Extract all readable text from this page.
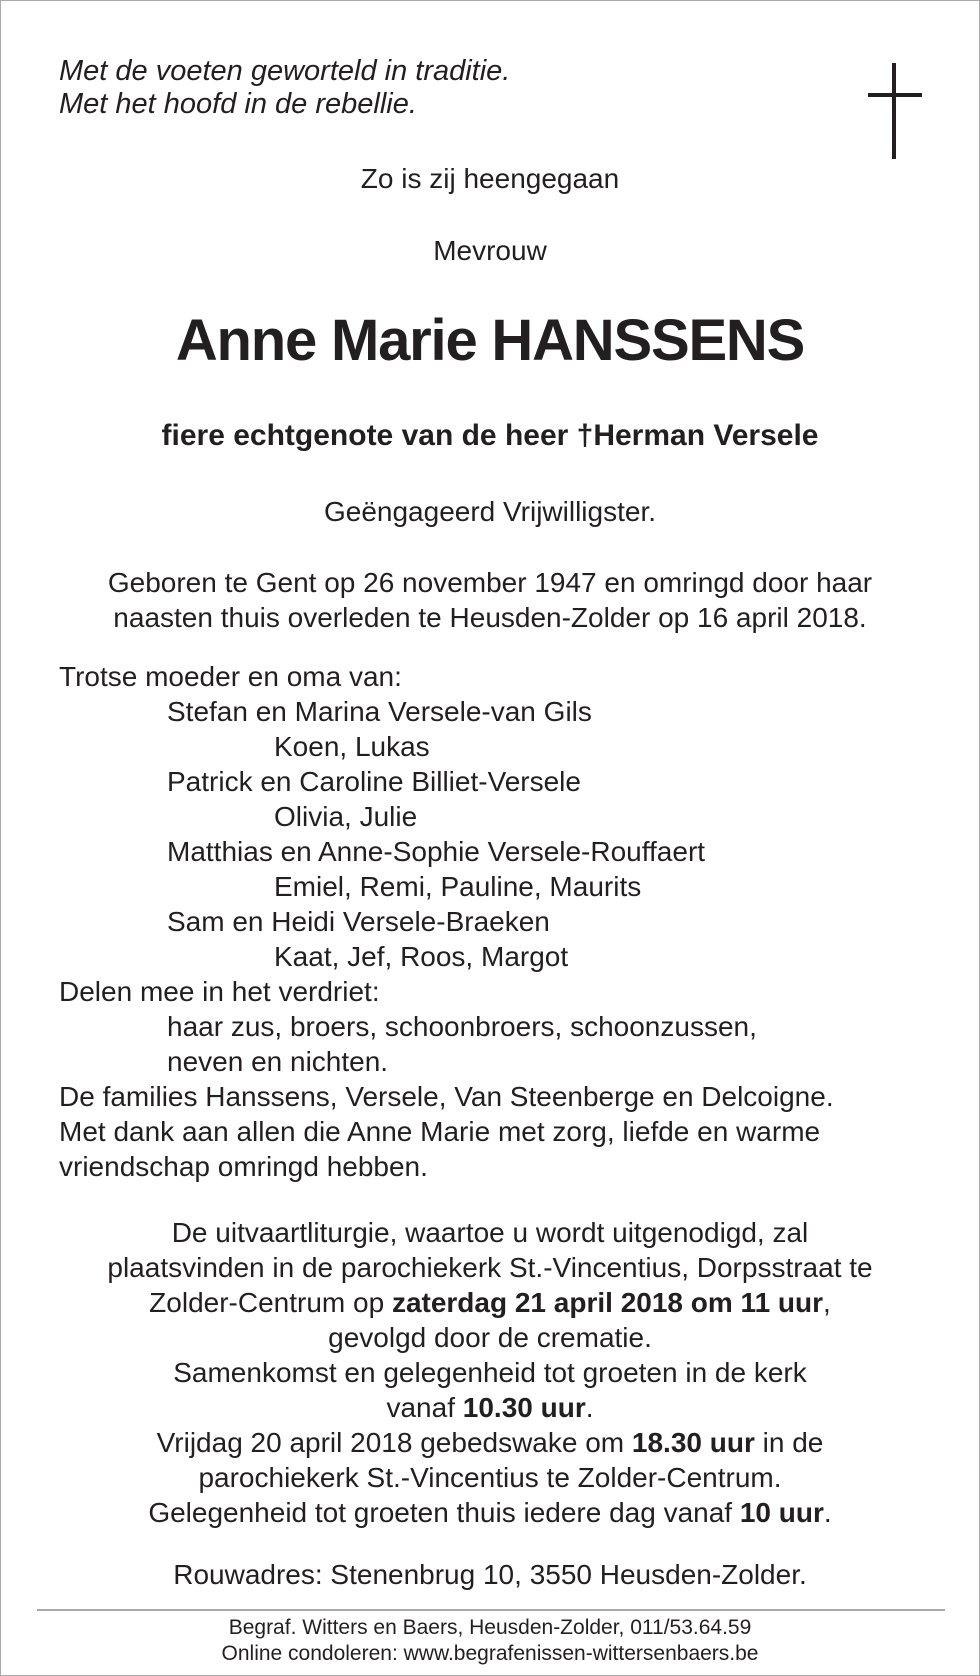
Met de voeten geworteld in traditie.
Met het hoofd in de rebellie.
Zo is zij heengegaan
Mevrouw
Anne Marie HANSSENS
fiere echtgenote van de heer †Herman Versele
Geëngageerd Vrijwilligster.
Geboren te Gent op 26 november 1947 en omringd door haar
naasten thuis overleden te Heusden-Zolder op 16 april 2018.
Trotse moeder en oma van:
Stefan en Marina Versele-van Gils
Koen, Lukas
Patrick en Caroline Billiet-Versele
Olivia, Julie
Matthias en Anne-Sophie Versele-Rouffaert
Emiel, Remi, Pauline, Maurits
Sam en Heidi Versele-Braeken
Kaat, Jef, Roos, Margot
Delen mee in het verdriet:
haar zus, broers, schoonbroers, schoonzussen,
neven en nichten.
De families Hanssens, Versele, Van Steenberge en Delcoigne.
Met dank aan allen die Anne Marie met zorg, liefde en warme
vriendschap omringd hebben.
De uitvaartliturgie, waartoe u wordt uitgenodigd, zal
plaatsvinden in de parochiekerk St.-Vincentius, Dorpsstraat te
Zolder-Centrum op zaterdag 21 april 2018 om 11 uur,
gevolgd door de crematie.
Samenkomst en gelegenheid tot groeten in de kerk
vanaf 10.30 uur.
Vrijdag 20 april 2018 gebedswake om 18.30 uur in de
parochiekerk St.-Vincentius te Zolder-Centrum.
Gelegenheid tot groeten thuis iedere dag vanaf 10 uur.
Rouwadres: Stenenbrug 10, 3550 Heusden-Zolder.
Begraf. Witters en Baers, Heusden-Zolder, 011/53.64.59
Online condoleren: www.begrafenissen-wittersenbaers.be
